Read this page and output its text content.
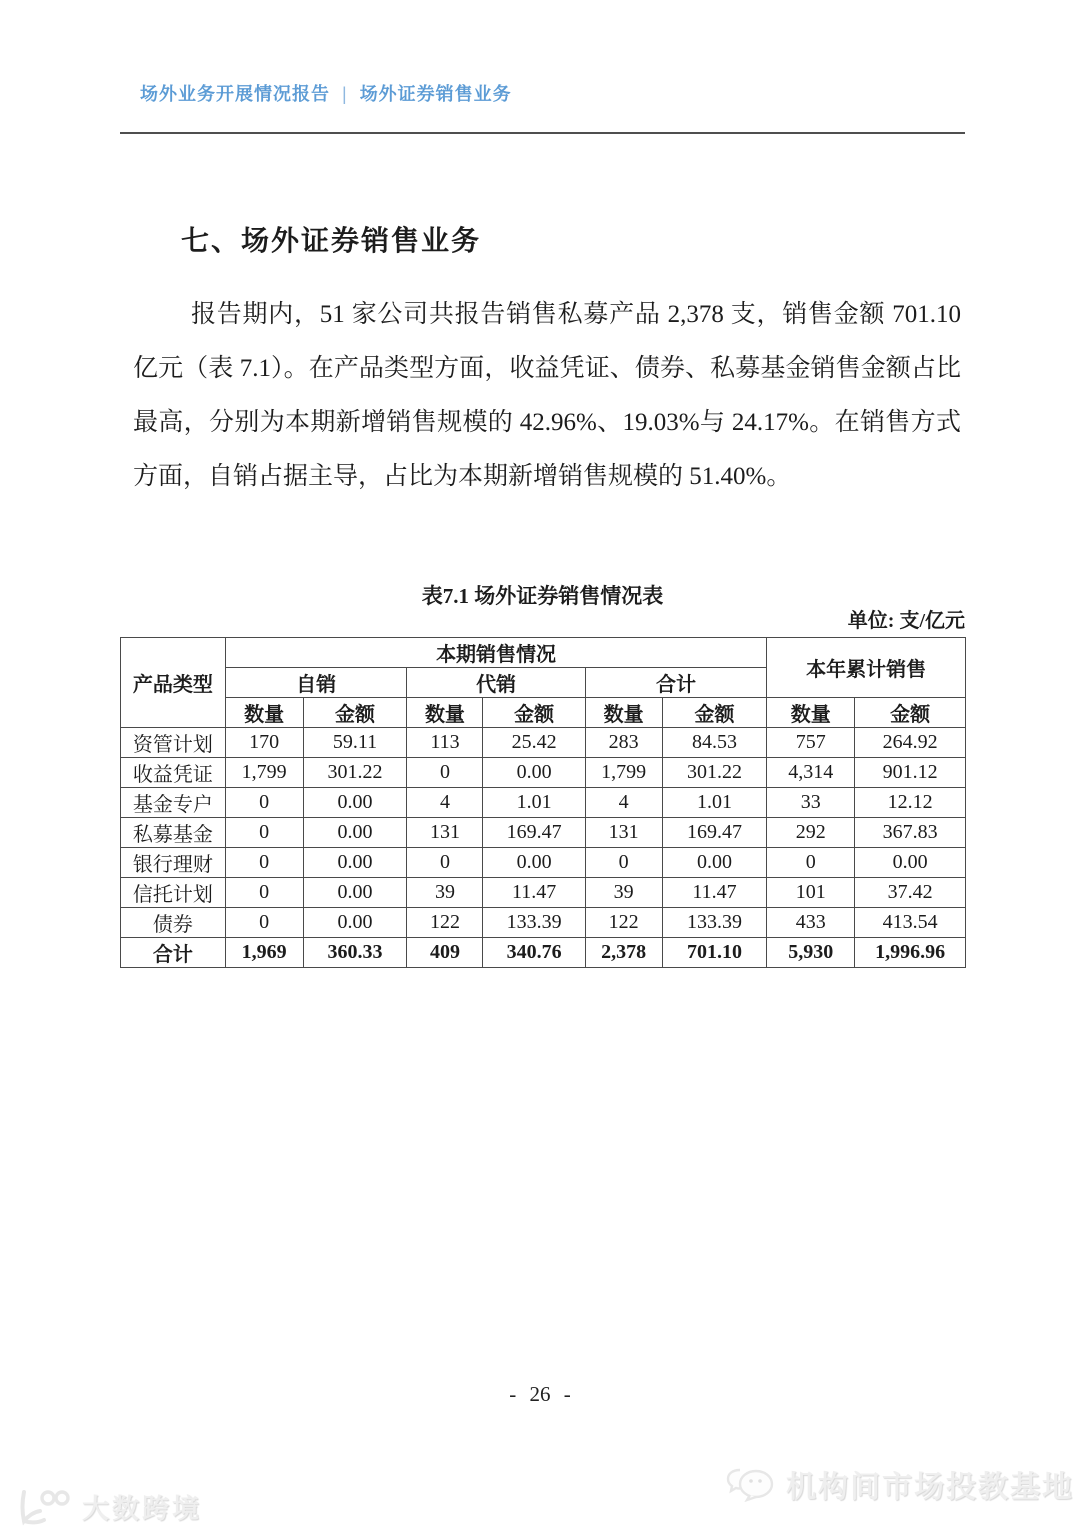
场外业务开展情况报告 | 场外证券销售业务
七、场外证券销售业务

报告期内，51 家公司共报告销售私募产品 2,378 支，销售金额 701.10 亿元（表 7.1）。在产品类型方面，收益凭证、债券、私募基金销售金额占比最高，分别为本期新增销售规模的 42.96%、19.03%与 24.17%。在销售方式方面，自销占据主导，占比为本期新增销售规模的 51.40%。

表7.1 场外证券销售情况表
单位: 支/亿元
产品类型	本期销售情况						本年累计销售	
	自销		代销		合计			
	数量	金额	数量	金额	数量	金额	数量	金额
资管计划	170	59.11	113	25.42	283	84.53	757	264.92
收益凭证	1,799	301.22	0	0.00	1,799	301.22	4,314	901.12
基金专户	0	0.00	4	1.01	4	1.01	33	12.12
私募基金	0	0.00	131	169.47	131	169.47	292	367.83
银行理财	0	0.00	0	0.00	0	0.00	0	0.00
信托计划	0	0.00	39	11.47	39	11.47	101	37.42
债券	0	0.00	122	133.39	122	133.39	433	413.54
合计	1,969	360.33	409	340.76	2,378	701.10	5,930	1,996.96
- 26 -
机构间市场投教基地
大数跨境
